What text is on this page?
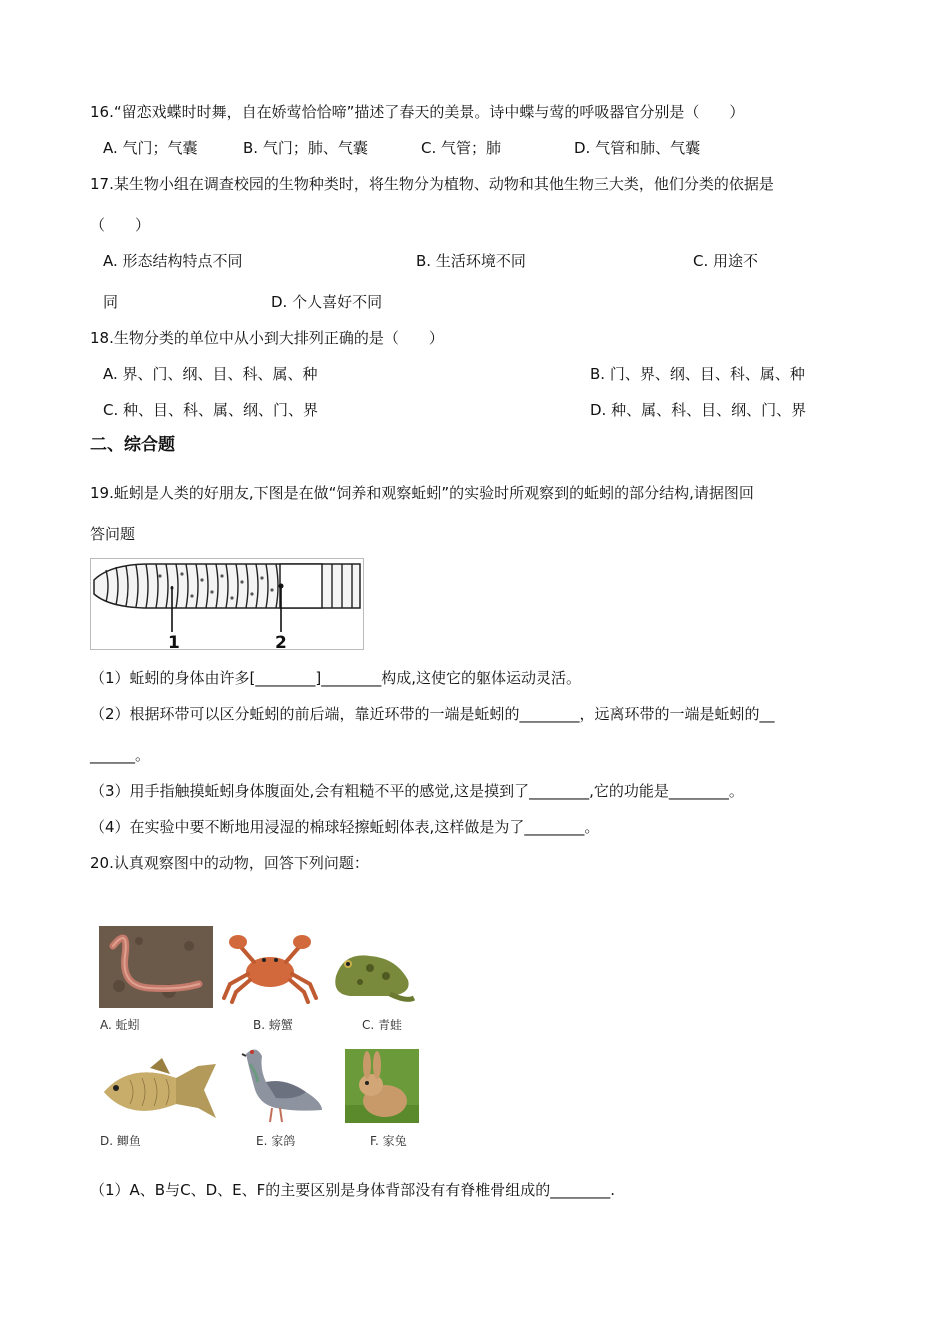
16.“留恋戏蝶时时舞，自在娇莺恰恰啼”描述了春天的美景。诗中蝶与莺的呼吸器官分别是（　　）
A. 气门；气囊	B. 气门；肺、气囊	C. 气管；肺	D. 气管和肺、气囊
17.某生物小组在调查校园的生物种类时，将生物分为植物、动物和其他生物三大类，他们分类的依据是
（　　）
A. 形态结构特点不同	B. 生活环境不同	C. 用途不
同	D. 个人喜好不同
18.生物分类的单位中从小到大排列正确的是（　　）
A. 界、门、纲、目、科、属、种	B. 门、界、纲、目、科、属、种
C. 种、目、科、属、纲、门、界	D. 种、属、科、目、纲、门、界
二、综合题
19.蚯蚓是人类的好朋友,下图是在做“饲养和观察蚯蚓”的实验时所观察到的蚯蚓的部分结构,请据图回
答问题
1	2
（1）蚯蚓的身体由许多[________]________构成,这使它的躯体运动灵活。
（2）根据环带可以区分蚯蚓的前后端，靠近环带的一端是蚯蚓的________，远离环带的一端是蚯蚓的__
______。
（3）用手指触摸蚯蚓身体腹面处,会有粗糙不平的感觉,这是摸到了________,它的功能是________。
（4）在实验中要不断地用浸湿的棉球轻擦蚯蚓体表,这样做是为了________。
20.认真观察图中的动物，回答下列问题：
A. 蚯蚓	B. 螃蟹	C. 青蛙
D. 鲫鱼	E. 家鸽	F. 家兔
（1）A、B与C、D、E、F的主要区别是身体背部没有有脊椎骨组成的________.
